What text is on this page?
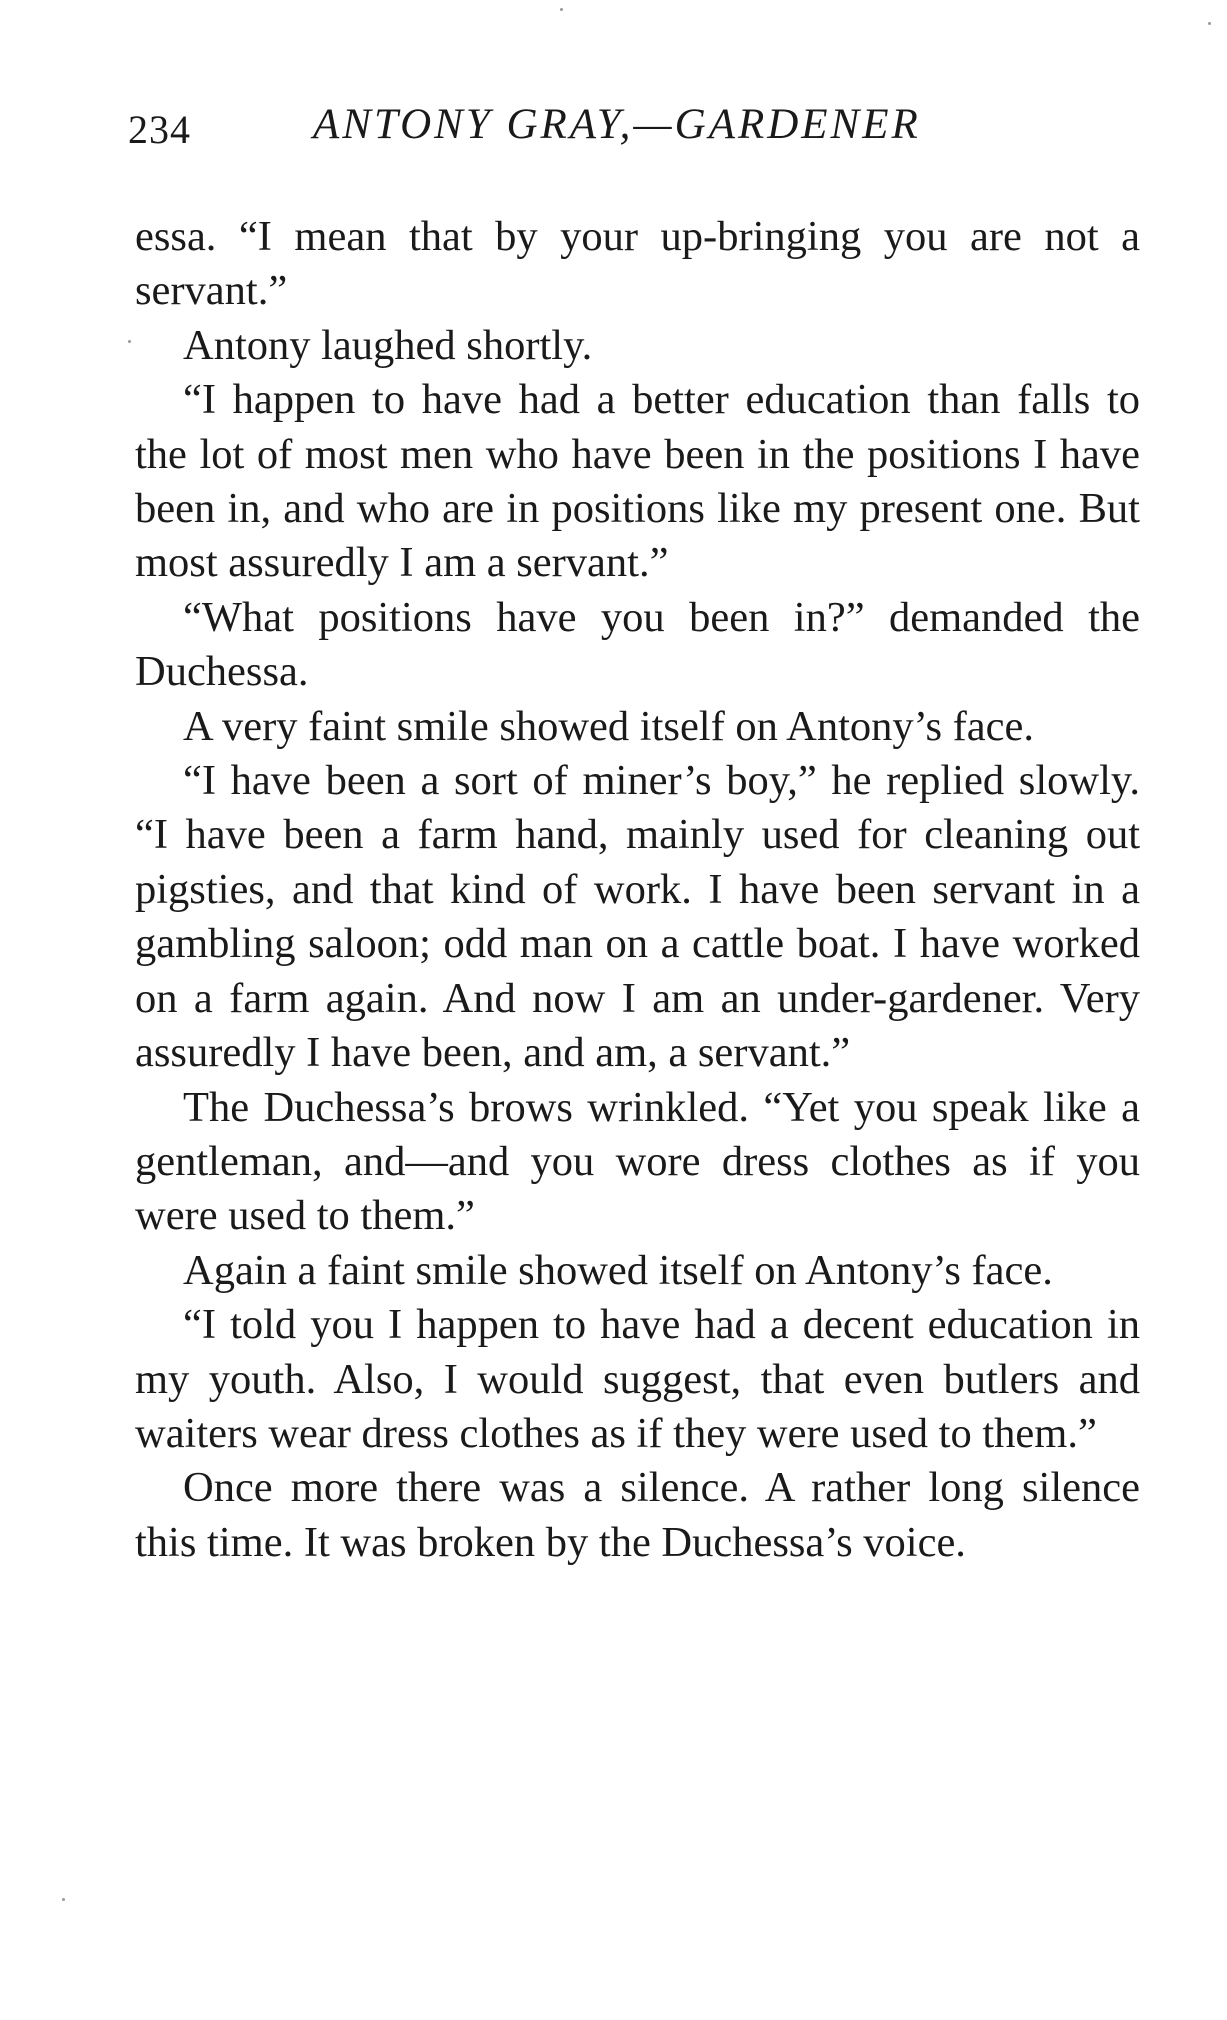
234	ANTONY GRAY,—GARDENER

essa. “I mean that by your up-bringing you are not a servant.”

Antony laughed shortly.

“I happen to have had a better education than falls to the lot of most men who have been in the positions I have been in, and who are in positions like my present one. But most assuredly I am a servant.”

“What positions have you been in?” demanded the Duchessa.

A very faint smile showed itself on Antony’s face.

“I have been a sort of miner’s boy,” he replied slowly. “I have been a farm hand, mainly used for cleaning out pigsties, and that kind of work. I have been servant in a gambling saloon; odd man on a cattle boat. I have worked on a farm again. And now I am an under-gardener. Very assuredly I have been, and am, a servant.”

The Duchessa’s brows wrinkled. “Yet you speak like a gentleman, and—and you wore dress clothes as if you were used to them.”

Again a faint smile showed itself on Antony’s face.

“I told you I happen to have had a decent education in my youth. Also, I would suggest, that even butlers and waiters wear dress clothes as if they were used to them.”

Once more there was a silence. A rather long silence this time. It was broken by the Duchessa’s voice.
